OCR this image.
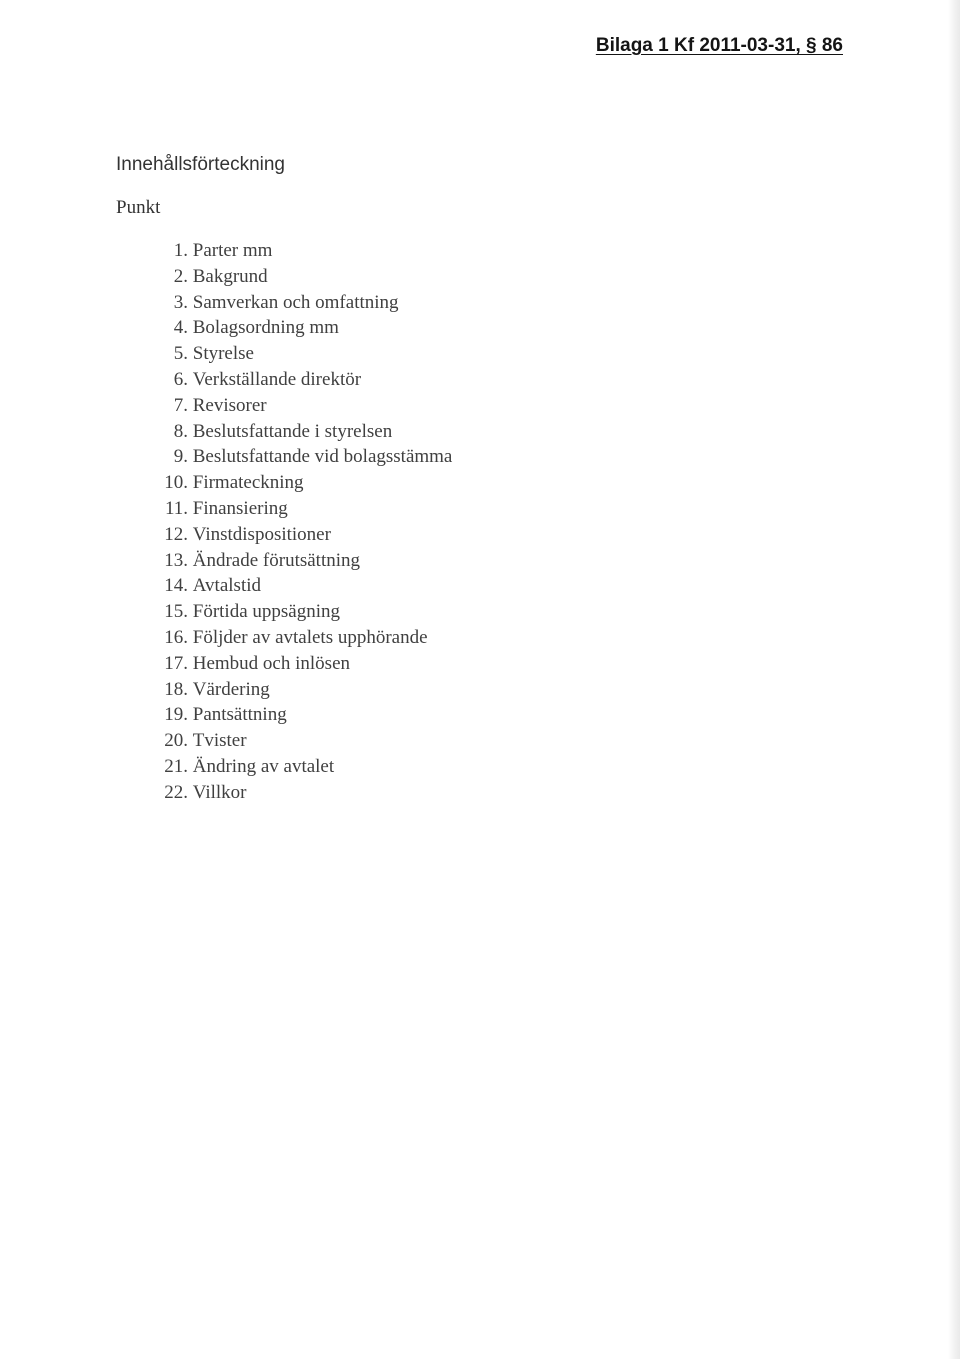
Bilaga 1 Kf 2011-03-31, § 86
Innehållsförteckning
Punkt
1.
Parter mm
2.
Bakgrund
3.
Samverkan och omfattning
4.
Bolagsordning mm
5.
Styrelse
6.
Verkställande direktör
7.
Revisorer
8.
Beslutsfattande i styrelsen
9.
Beslutsfattande vid bolagsstämma
10.
Firmateckning
11.
Finansiering
12.
Vinstdispositioner
13.
Ändrade förutsättning
14.
Avtalstid
15.
Förtida uppsägning
16.
Följder av avtalets upphörande
17.
Hembud och inlösen
18.
Värdering
19.
Pantsättning
20.
Tvister
21.
Ändring av avtalet
22.
Villkor
